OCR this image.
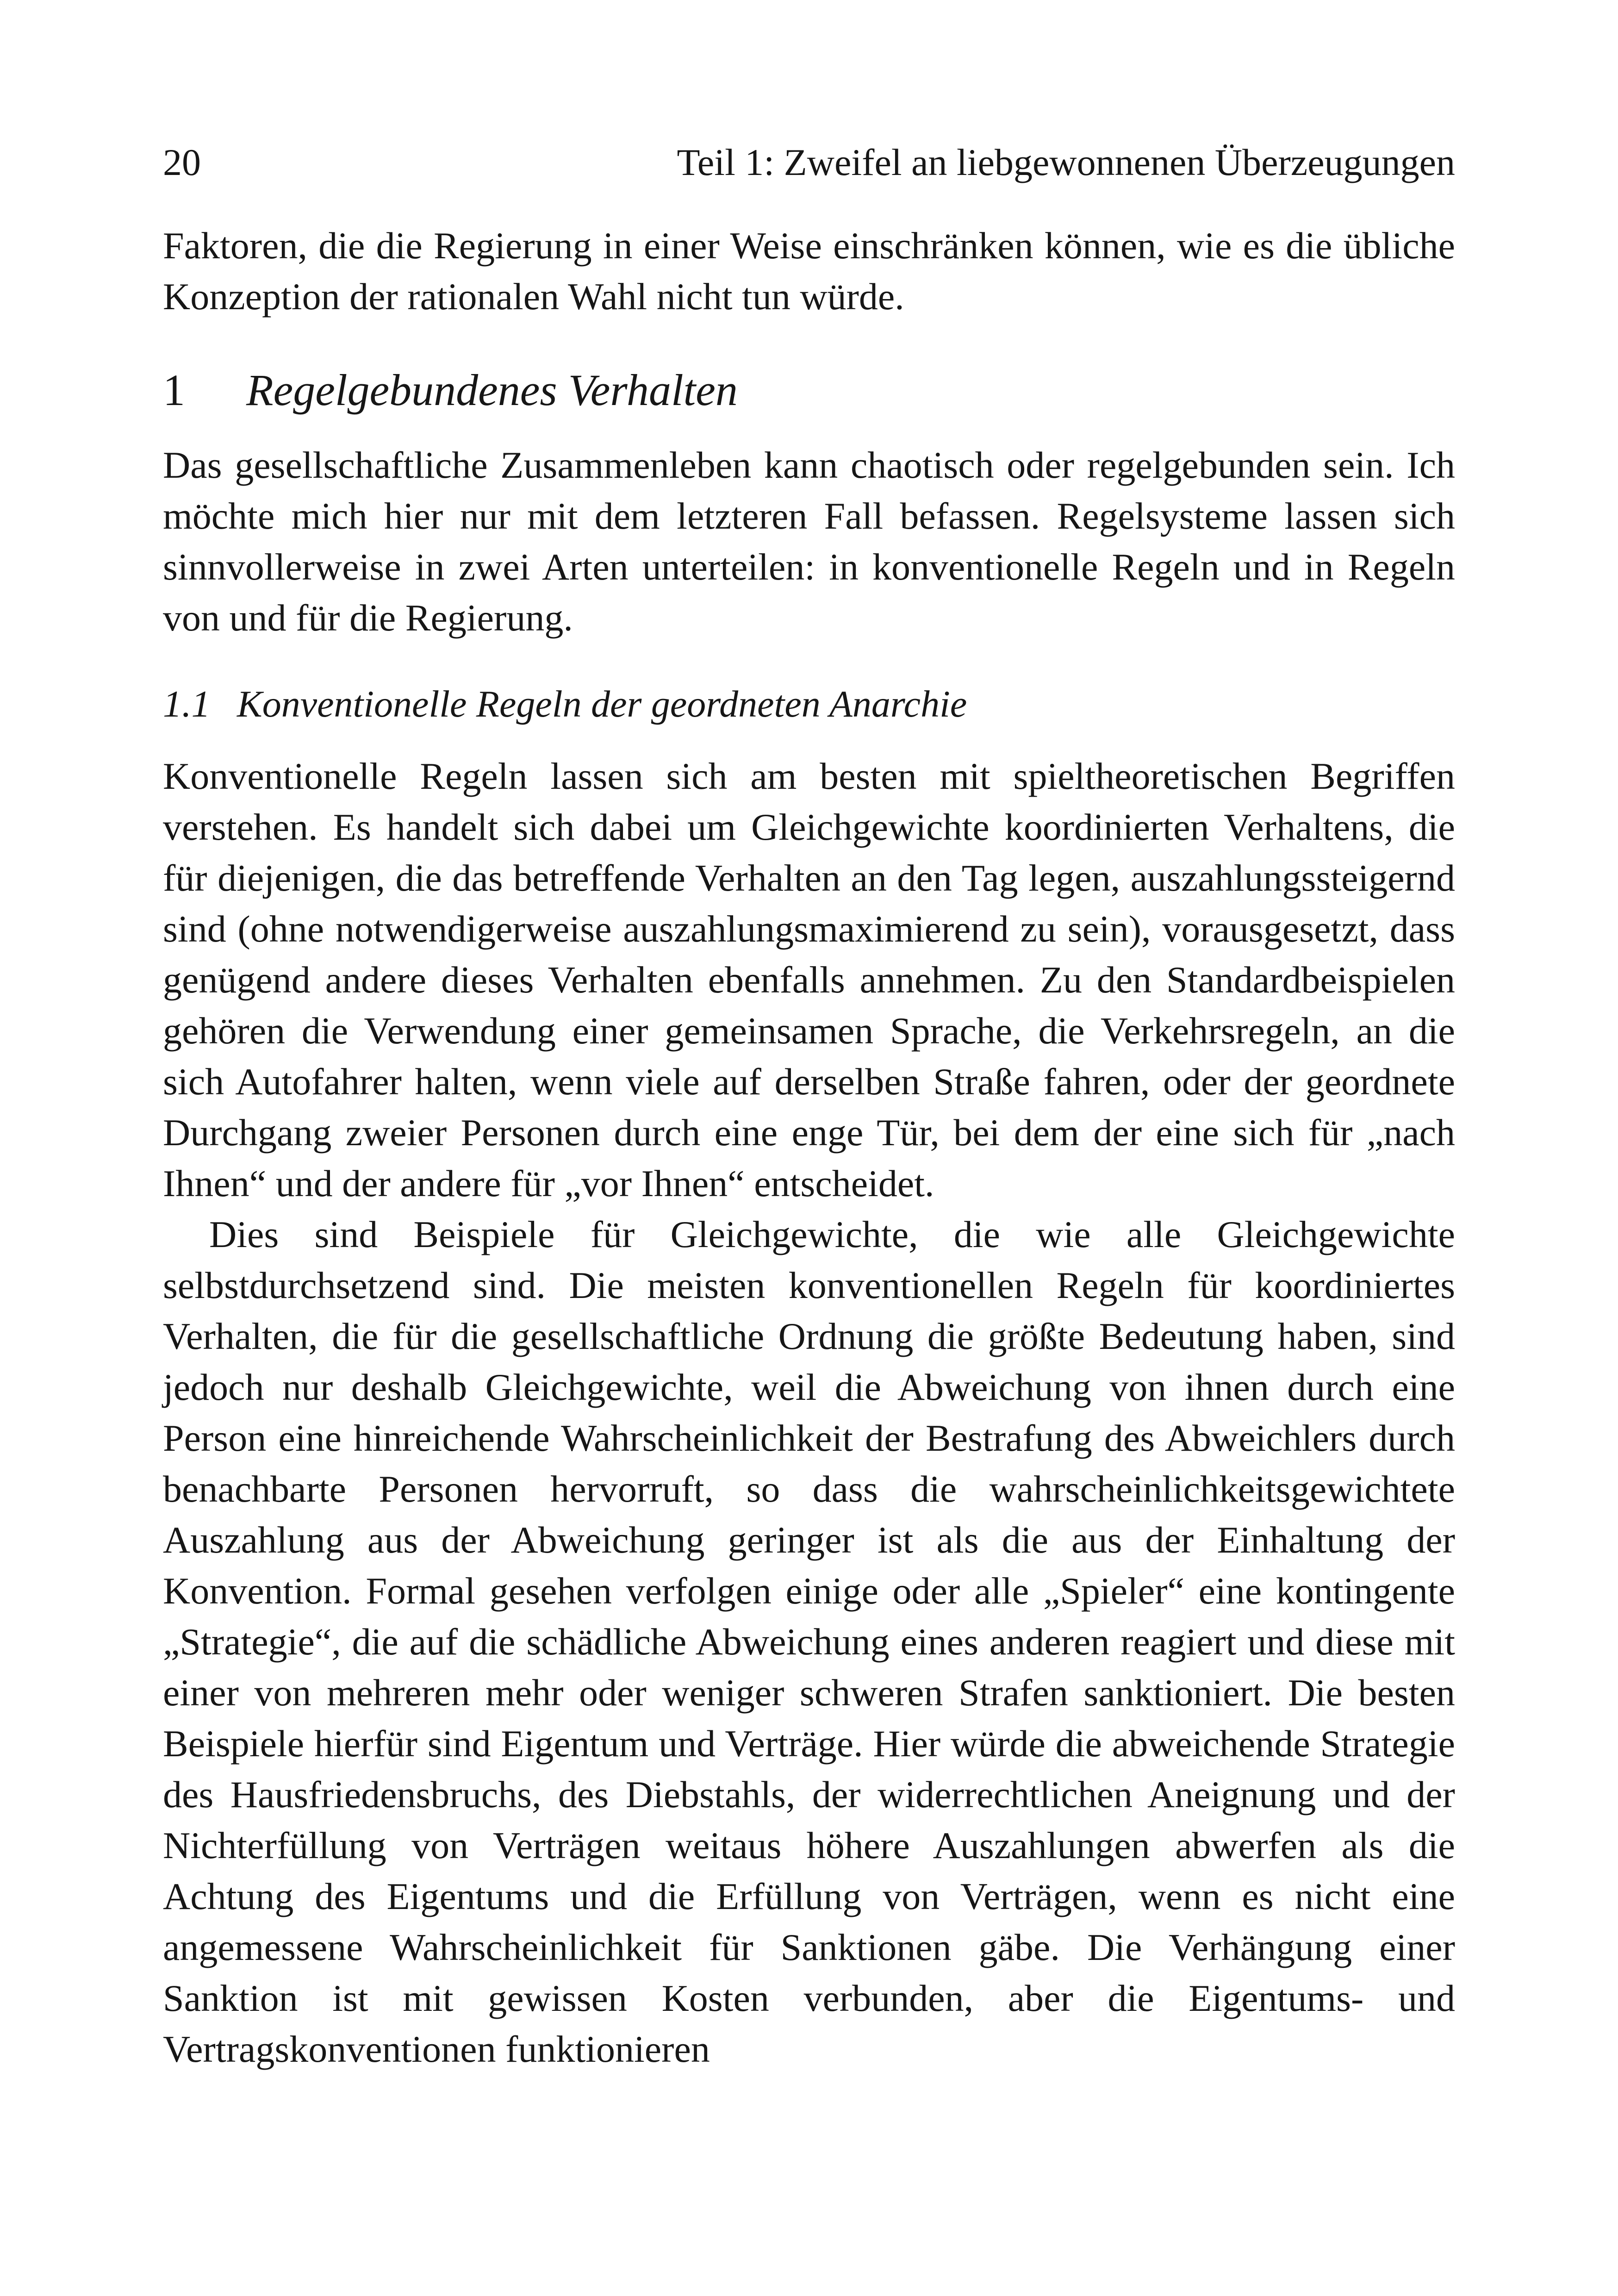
20	Teil 1: Zweifel an liebgewonnenen Überzeugungen

Faktoren, die die Regierung in einer Weise einschränken können, wie es die übliche Konzeption der rationalen Wahl nicht tun würde.

1 Regelgebundenes Verhalten

Das gesellschaftliche Zusammenleben kann chaotisch oder regelgebunden sein. Ich möchte mich hier nur mit dem letzteren Fall befassen. Regelsysteme lassen sich sinnvollerweise in zwei Arten unterteilen: in konventionelle Regeln und in Regeln von und für die Regierung.

1.1 Konventionelle Regeln der geordneten Anarchie

Konventionelle Regeln lassen sich am besten mit spieltheoretischen Begriffen verstehen. Es handelt sich dabei um Gleichgewichte koordinierten Verhaltens, die für diejenigen, die das betreffende Verhalten an den Tag legen, auszahlungssteigernd sind (ohne notwendigerweise auszahlungsmaximierend zu sein), vorausgesetzt, dass genügend andere dieses Verhalten ebenfalls annehmen. Zu den Standardbeispielen gehören die Verwendung einer gemeinsamen Sprache, die Verkehrsregeln, an die sich Autofahrer halten, wenn viele auf derselben Straße fahren, oder der geordnete Durchgang zweier Personen durch eine enge Tür, bei dem der eine sich für „nach Ihnen“ und der andere für „vor Ihnen“ entscheidet.

Dies sind Beispiele für Gleichgewichte, die wie alle Gleichgewichte selbstdurchsetzend sind. Die meisten konventionellen Regeln für koordiniertes Verhalten, die für die gesellschaftliche Ordnung die größte Bedeutung haben, sind jedoch nur deshalb Gleichgewichte, weil die Abweichung von ihnen durch eine Person eine hinreichende Wahrscheinlichkeit der Bestrafung des Abweichlers durch benachbarte Personen hervorruft, so dass die wahrscheinlichkeitsgewichtete Auszahlung aus der Abweichung geringer ist als die aus der Einhaltung der Konvention. Formal gesehen verfolgen einige oder alle „Spieler“ eine kontingente „Strategie“, die auf die schädliche Abweichung eines anderen reagiert und diese mit einer von mehreren mehr oder weniger schweren Strafen sanktioniert. Die besten Beispiele hierfür sind Eigentum und Verträge. Hier würde die abweichende Strategie des Hausfriedensbruchs, des Diebstahls, der widerrechtlichen Aneignung und der Nichterfüllung von Verträgen weitaus höhere Auszahlungen abwerfen als die Achtung des Eigentums und die Erfüllung von Verträgen, wenn es nicht eine angemessene Wahrscheinlichkeit für Sanktionen gäbe. Die Verhängung einer Sanktion ist mit gewissen Kosten verbunden, aber die Eigentums- und Vertragskonventionen funktionieren
